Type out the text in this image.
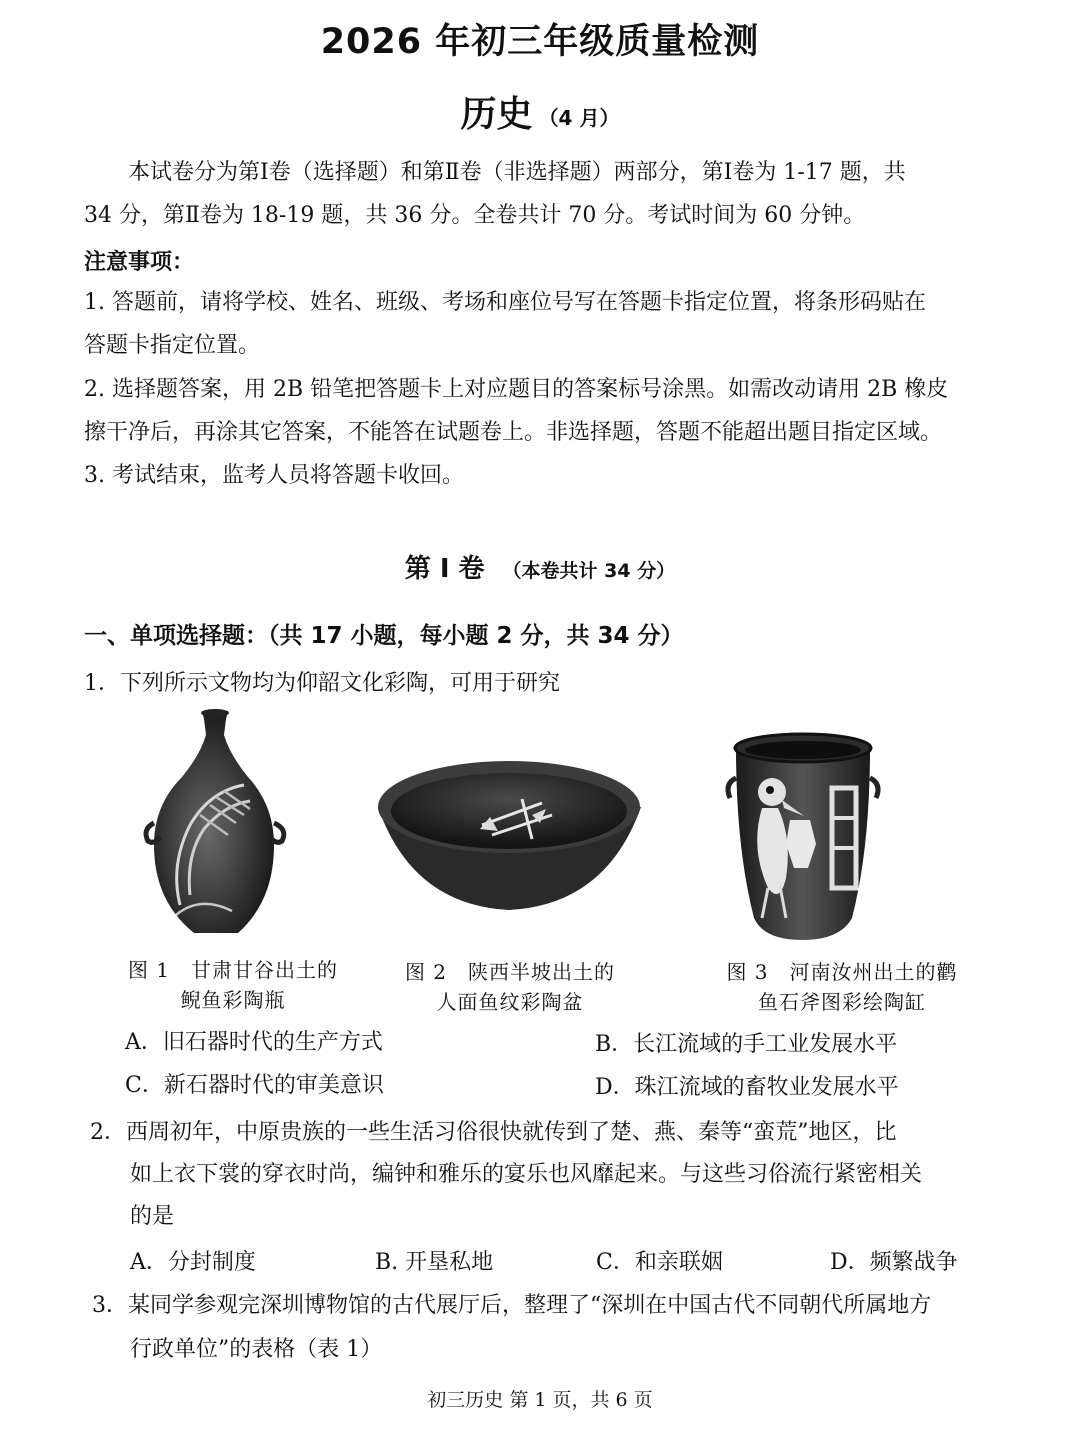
2026 年初三年级质量检测
历史 （4 月）
本试卷分为第Ⅰ卷（选择题）和第Ⅱ卷（非选择题）两部分，第Ⅰ卷为 1-17 题，共
34 分，第Ⅱ卷为 18-19 题，共 36 分。全卷共计 70 分。考试时间为 60 分钟。
注意事项：
1. 答题前，请将学校、姓名、班级、考场和座位号写在答题卡指定位置，将条形码贴在
答题卡指定位置。
2. 选择题答案，用 2B 铅笔把答题卡上对应题目的答案标号涂黑。如需改动请用 2B 橡皮
擦干净后，再涂其它答案，不能答在试题卷上。非选择题，答题不能超出题目指定区域。
3. 考试结束，监考人员将答题卡收回。
第 I 卷 （本卷共计 34 分）
一、单项选择题：（共 17 小题，每小题 2 分，共 34 分）
1．下列所示文物均为仰韶文化彩陶，可用于研究
图 1　甘肃甘谷出土的
鲵鱼彩陶瓶
图 2　陕西半坡出土的
人面鱼纹彩陶盆
图 3　河南汝州出土的鹳
鱼石斧图彩绘陶缸
A．旧石器时代的生产方式	B．长江流域的手工业发展水平
C．新石器时代的审美意识	D．珠江流域的畜牧业发展水平
2．西周初年，中原贵族的一些生活习俗很快就传到了楚、燕、秦等“蛮荒”地区，比
如上衣下裳的穿衣时尚，编钟和雅乐的宴乐也风靡起来。与这些习俗流行紧密相关
的是
A．分封制度	B. 开垦私地	C．和亲联姻	D．频繁战争
3．某同学参观完深圳博物馆的古代展厅后，整理了“深圳在中国古代不同朝代所属地方
行政单位”的表格（表 1）
初三历史 第 1 页，共 6 页
